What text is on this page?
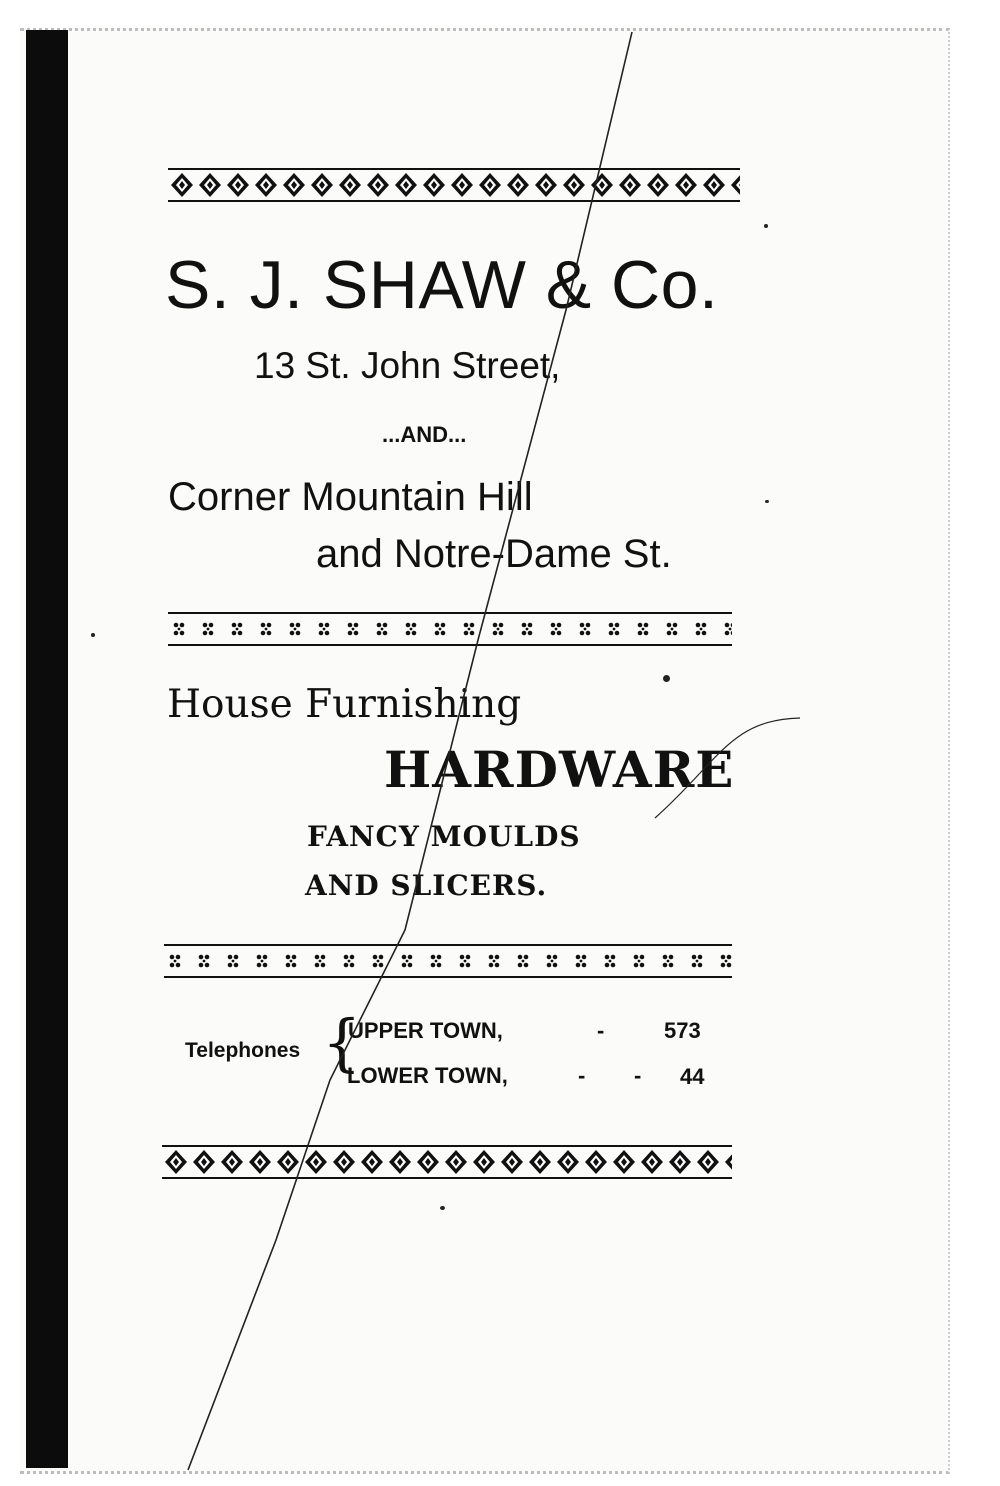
S. J. SHAW & Co.
13 St. John Street,
...AND...
Corner Mountain Hill
and Notre-Dame St.
House Furnishing
HARDWARE
FANCY MOULDS
AND SLICERS.
Telephones {
UPPER TOWN,	-	573
LOWER TOWN,	- - 44
